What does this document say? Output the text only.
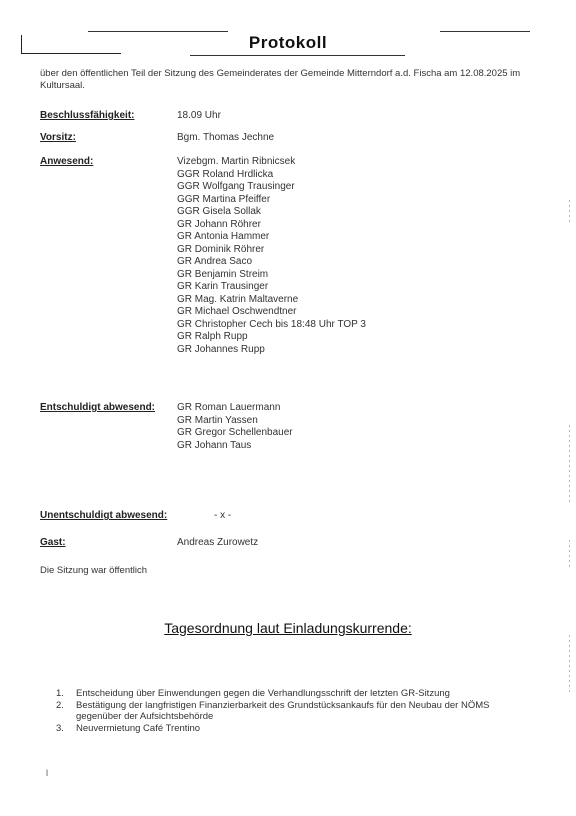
Protokoll
über den öffentlichen Teil der Sitzung des Gemeinderates der Gemeinde Mitterndorf a.d. Fischa am 12.08.2025 im Kultursaal.
Beschlussfähigkeit:	18.09 Uhr
Vorsitz:	Bgm. Thomas Jechne
Anwesend:	Vizebgm. Martin Ribnicsek
GGR Roland Hrdlicka
GGR Wolfgang Trausinger
GGR Martina Pfeiffer
GGR Gisela Sollak
GR Johann Röhrer
GR Antonia Hammer
GR Dominik Röhrer
GR Andrea Saco
GR Benjamin Streim
GR Karin Trausinger
GR Mag. Katrin Maltaverne
GR Michael Oschwendtner
GR Christopher Cech bis 18:48 Uhr TOP 3
GR Ralph Rupp
GR Johannes Rupp
Entschuldigt abwesend: GR Roman Lauermann
GR Martin Yassen
GR Gregor Schellenbauer
GR Johann Taus
Unentschuldigt abwesend:	- x -
Gast:	Andreas Zurowetz
Die Sitzung war öffentlich
Tagesordnung laut Einladungskurrende:
1. Entscheidung über Einwendungen gegen die Verhandlungsschrift der letzten GR-Sitzung
2. Bestätigung der langfristigen Finanzierbarkeit des Grundstücksankaufs für den Neubau der NÖMS gegenüber der Aufsichtsbehörde
3. Neuvermietung Café Trentino
l
